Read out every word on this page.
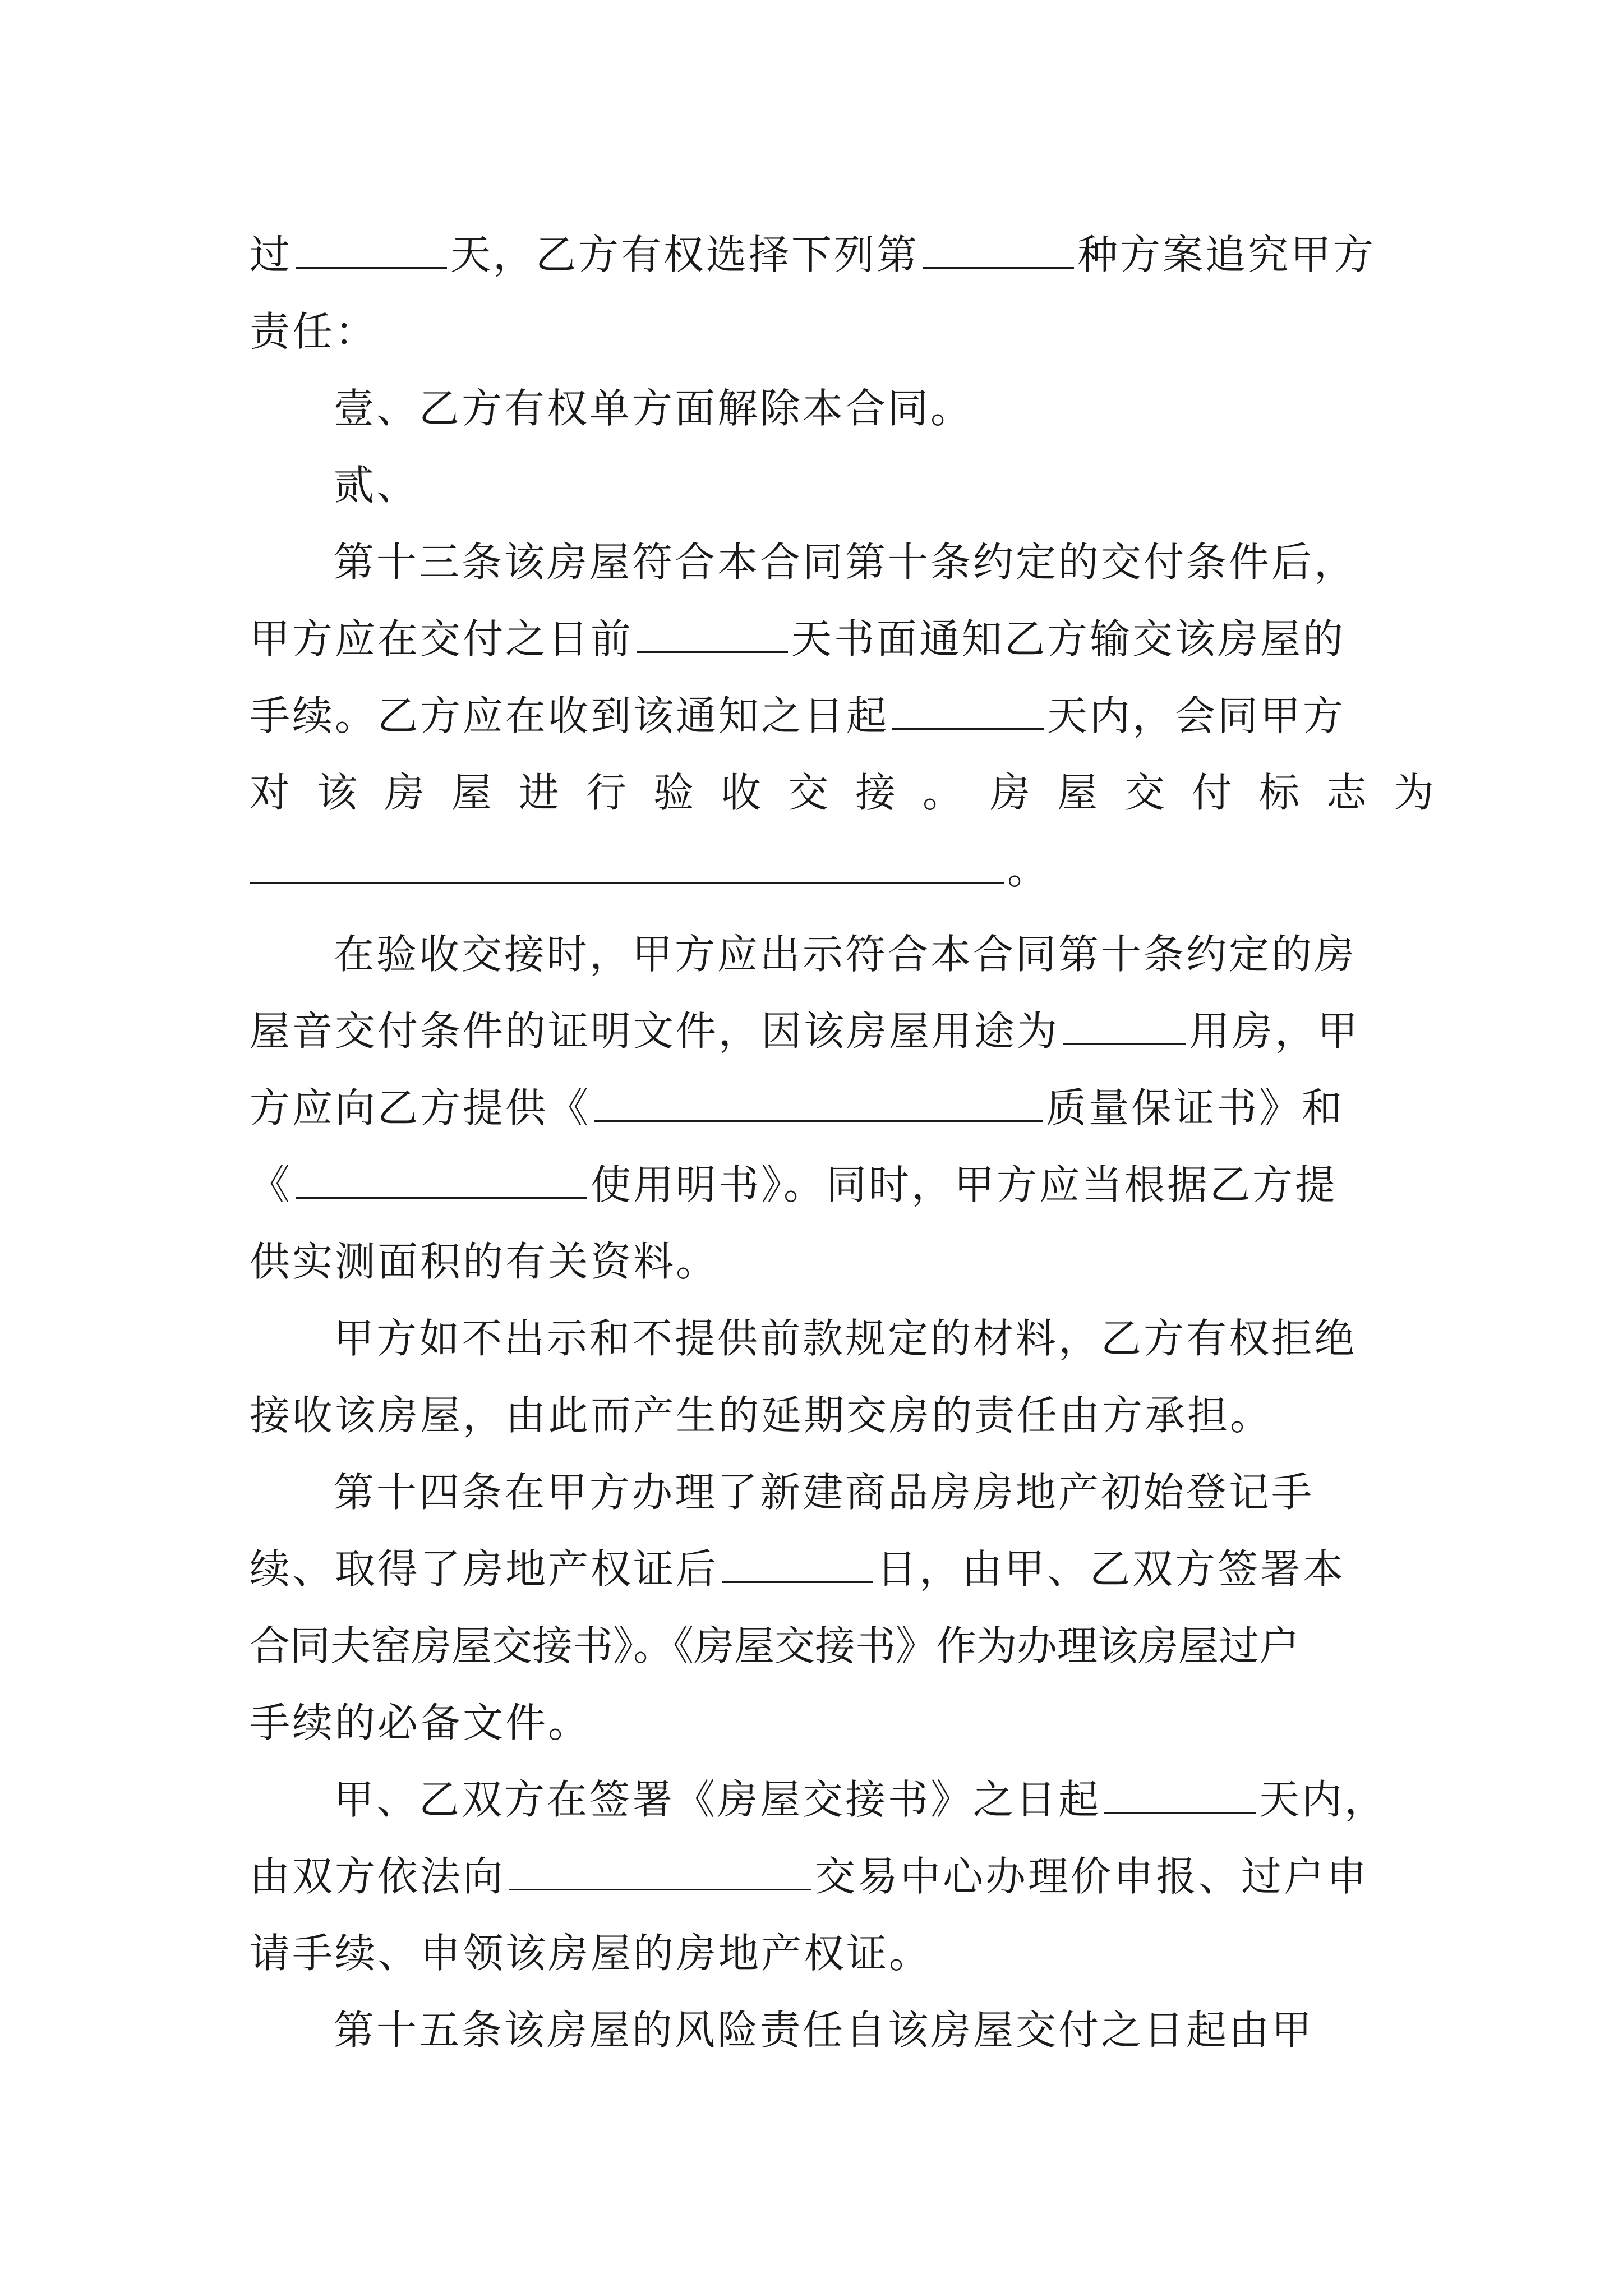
过	天，乙方有权选择下列第	种方案追究甲方
责任：
壹、乙方有权单方面解除本合同。
贰、
第十三条该房屋符合本合同第十条约定的交付条件后，
甲方应在交付之日前	天书面通知乙方输交该房屋的
手续。乙方应在收到该通知之日起	天内，会同甲方
对该房屋进行验收交接。房屋交付标志为
。
在验收交接时，甲方应出示符合本合同第十条约定的房
屋音交付条件的证明文件，因该房屋用途为	用房，甲
方应向乙方提供《	质量保证书》和
《	使用明书》。同时，甲方应当根据乙方提
供实测面积的有关资料。
甲方如不出示和不提供前款规定的材料，乙方有权拒绝
接收该房屋，由此而产生的延期交房的责任由方承担。
第十四条在甲方办理了新建商品房房地产初始登记手
续、取得了房地产权证后	日，由甲、乙双方签署本
合同夫窑房屋交接书》。《房屋交接书》作为办理该房屋过户
手续的必备文件。
甲、乙双方在签署《房屋交接书》之日起	天内，
由双方依法向	交易中心办理价申报、过户申
请手续、申领该房屋的房地产权证。
第十五条该房屋的风险责任自该房屋交付之日起由甲
